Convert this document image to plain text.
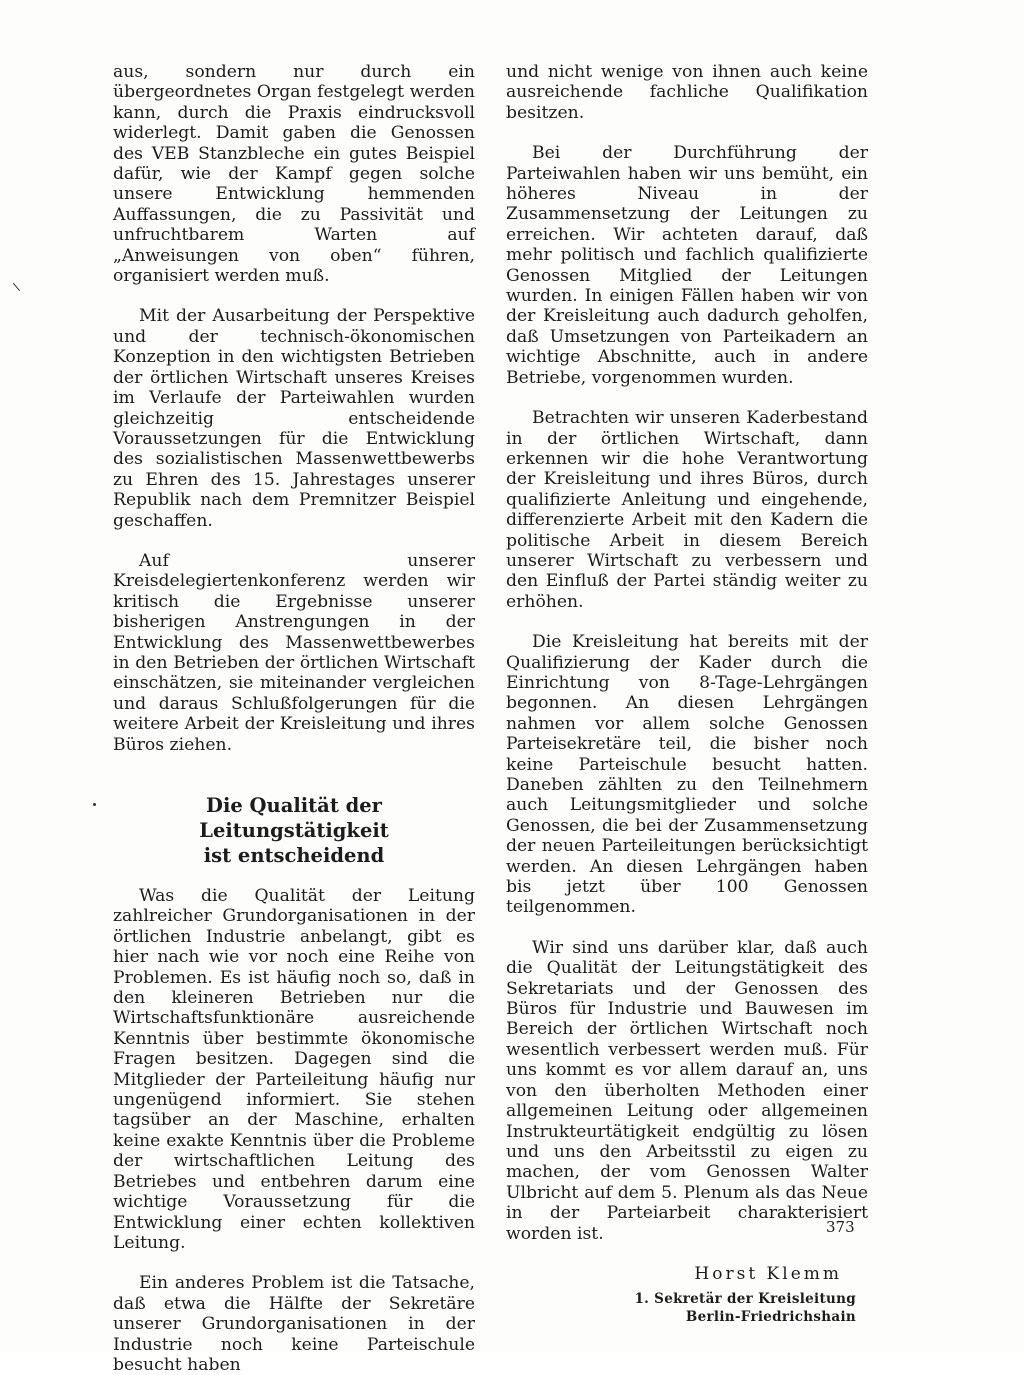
aus, sondern nur durch ein übergeordnetes Organ festgelegt werden kann, durch die Praxis eindrucksvoll widerlegt. Damit gaben die Genossen des VEB Stanzbleche ein gutes Beispiel dafür, wie der Kampf gegen solche unsere Entwicklung hemmenden Auffassungen, die zu Passivität und unfruchtbarem Warten auf „Anweisungen von oben“ führen, organisiert werden muß.

Mit der Ausarbeitung der Perspektive und der technisch-ökonomischen Konzeption in den wichtigsten Betrieben der örtlichen Wirtschaft unseres Kreises im Verlaufe der Parteiwahlen wurden gleichzeitig entscheidende Voraussetzungen für die Entwicklung des sozialistischen Massenwettbewerbs zu Ehren des 15. Jahrestages unserer Republik nach dem Premnitzer Beispiel geschaffen.

Auf unserer Kreisdelegiertenkonferenz werden wir kritisch die Ergebnisse unserer bisherigen Anstrengungen in der Entwicklung des Massenwettbewerbes in den Betrieben der örtlichen Wirtschaft einschätzen, sie miteinander vergleichen und daraus Schlußfolgerungen für die weitere Arbeit der Kreisleitung und ihres Büros ziehen.

Die Qualität der Leitungstätigkeit
ist entscheidend

Was die Qualität der Leitung zahlreicher Grundorganisationen in der örtlichen Industrie anbelangt, gibt es hier nach wie vor noch eine Reihe von Problemen. Es ist häufig noch so, daß in den kleineren Betrieben nur die Wirtschaftsfunktionäre ausreichende Kenntnis über bestimmte ökonomische Fragen besitzen. Dagegen sind die Mitglieder der Parteileitung häufig nur ungenügend informiert. Sie stehen tagsüber an der Maschine, erhalten keine exakte Kenntnis über die Probleme der wirtschaftlichen Leitung des Betriebes und entbehren darum eine wichtige Voraussetzung für die Entwicklung einer echten kollektiven Leitung.

Ein anderes Problem ist die Tatsache, daß etwa die Hälfte der Sekretäre unserer Grundorganisationen in der Industrie noch keine Parteischule besucht haben

und nicht wenige von ihnen auch keine ausreichende fachliche Qualifikation besitzen.

Bei der Durchführung der Parteiwahlen haben wir uns bemüht, ein höheres Niveau in der Zusammensetzung der Leitungen zu erreichen. Wir achteten darauf, daß mehr politisch und fachlich qualifizierte Genossen Mitglied der Leitungen wurden. In einigen Fällen haben wir von der Kreisleitung auch dadurch geholfen, daß Umsetzungen von Parteikadern an wichtige Abschnitte, auch in andere Betriebe, vorgenommen wurden.

Betrachten wir unseren Kaderbestand in der örtlichen Wirtschaft, dann erkennen wir die hohe Verantwortung der Kreisleitung und ihres Büros, durch qualifizierte Anleitung und eingehende, differenzierte Arbeit mit den Kadern die politische Arbeit in diesem Bereich unserer Wirtschaft zu verbessern und den Einfluß der Partei ständig weiter zu erhöhen.

Die Kreisleitung hat bereits mit der Qualifizierung der Kader durch die Einrichtung von 8-Tage-Lehrgängen begonnen. An diesen Lehrgängen nahmen vor allem solche Genossen Parteisekretäre teil, die bisher noch keine Parteischule besucht hatten. Daneben zählten zu den Teilnehmern auch Leitungsmitglieder und solche Genossen, die bei der Zusammensetzung der neuen Parteileitungen berücksichtigt werden. An diesen Lehrgängen haben bis jetzt über 100 Genossen teilgenommen.

Wir sind uns darüber klar, daß auch die Qualität der Leitungstätigkeit des Sekretariats und der Genossen des Büros für Industrie und Bauwesen im Bereich der örtlichen Wirtschaft noch wesentlich verbessert werden muß. Für uns kommt es vor allem darauf an, uns von den überholten Methoden einer allgemeinen Leitung oder allgemeinen Instrukteurtätigkeit endgültig zu lösen und uns den Arbeitsstil zu eigen zu machen, der vom Genossen Walter Ulbricht auf dem 5. Plenum als das Neue in der Parteiarbeit charakterisiert worden ist.

Horst Klemm
1. Sekretär der Kreisleitung
Berlin-Friedrichshain
373
